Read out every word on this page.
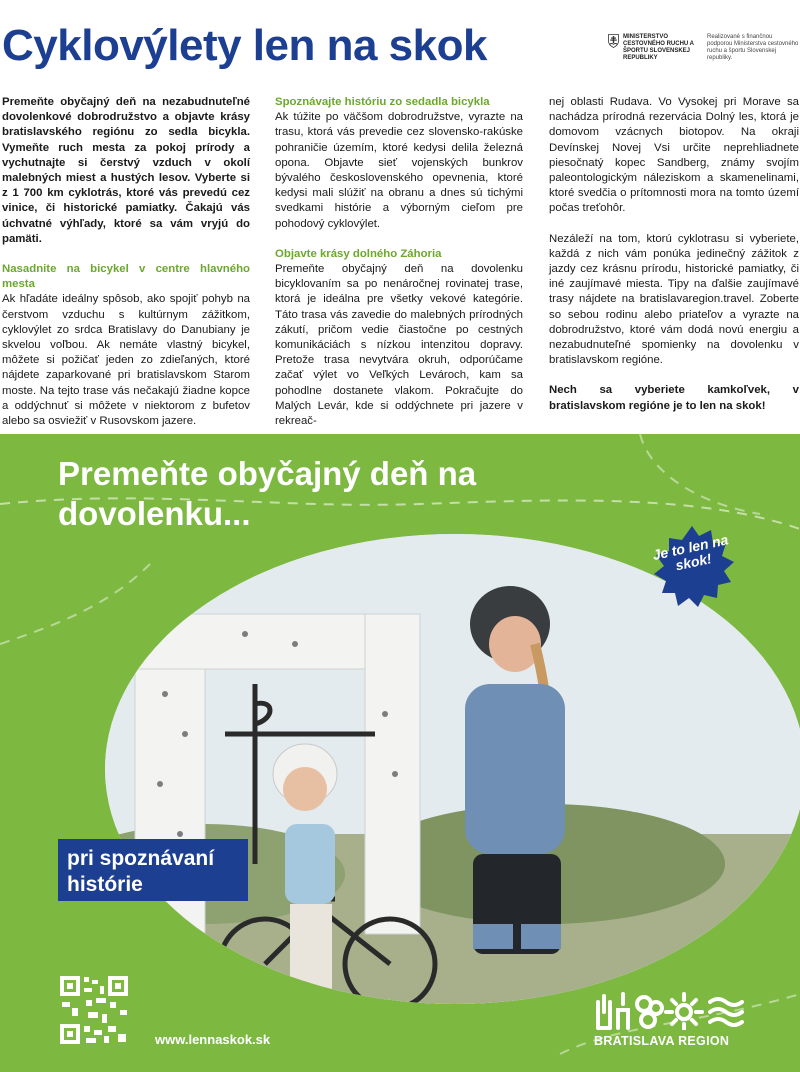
Cyklovýlety len na skok	MINISTERSTVO CESTOVNÉHO RUCHU A ŠPORTU SLOVENSKEJ REPUBLIKY
Realizované s finančnou podporou Ministerstva cestovného ruchu a športu Slovenskej republiky.

Premeňte obyčajný deň na nezabudnuteľné dovolenkové dobrodružstvo a objavte krásy bratislavského regiónu zo sedla bicykla. Vymeňte ruch mesta za pokoj prírody a vychutnajte si čerstvý vzduch v okolí malebných miest a hustých lesov. Vyberte si z 1 700 km cyklotrás, ktoré vás prevedú cez vinice, či historické pamiatky. Čakajú vás úchvatné výhľady, ktoré sa vám vryjú do pamäti.

Nasadnite na bicykel v centre hlavného mesta

Ak hľadáte ideálny spôsob, ako spojiť pohyb na čerstvom vzduchu s kultúrnym zážitkom, cyklovýlet zo srdca Bratislavy do Danubiany je skvelou voľbou. Ak nemáte vlastný bicykel, môžete si požičať jeden zo zdieľaných, ktoré nájdete zaparkované pri bratislavskom Starom moste. Na tejto trase vás nečakajú žiadne kopce a oddýchnuť si môžete v niektorom z bufetov alebo sa osviežiť v Rusovskom jazere.

Spoznávajte históriu zo sedadla bicykla

Ak túžite po väčšom dobrodružstve, vyrazte na trasu, ktorá vás prevedie cez slovensko-rakúske pohraničie územím, ktoré kedysi delila železná opona. Objavte sieť vojenských bunkrov bývalého československého opevnenia, ktoré kedysi mali slúžiť na obranu a dnes sú tichými svedkami histórie a výborným cieľom pre pohodový cyklovýlet.

Objavte krásy dolného Záhoria

Premeňte obyčajný deň na dovolenku bicyklovaním sa po nenáročnej rovinatej trase, ktorá je ideálna pre všetky vekové kategórie. Táto trasa vás zavedie do malebných prírodných zákutí, pričom vedie čiastočne po cestných komunikáciách s nízkou intenzitou dopravy. Pretože trasa nevytvára okruh, odporúčame začať výlet vo Veľkých Levároch, kam sa pohodlne dostanete vlakom. Pokračujte do Malých Levár, kde si oddýchnete pri jazere v rekreač-

nej oblasti Rudava. Vo Vysokej pri Morave sa nachádza prírodná rezervácia Dolný les, ktorá je domovom vzácnych biotopov. Na okraji Devínskej Novej Vsi určite neprehliadnete piesočnatý kopec Sandberg, známy svojím paleontologickým náleziskom a skamenelinami, ktoré svedčia o prítomnosti mora na tomto území počas treťohôr.

Nezáleží na tom, ktorú cyklotrasu si vyberiete, každá z nich vám ponúka jedinečný zážitok z jazdy cez krásnu prírodu, historické pamiatky, či iné zaujímavé miesta. Tipy na ďalšie zaujímavé trasy nájdete na bratislavaregion.travel. Zoberte so sebou rodinu alebo priateľov a vyrazte na dobrodružstvo, ktoré vám dodá novú energiu a nezabudnuteľné spomienky na dovolenku v bratislavskom regióne.

Nech sa vyberiete kamkoľvek, v bratislavskom regióne je to len na skok!

Premeňte obyčajný deň na dovolenku...
Je to len na skok!
pri spoznávaní histórie
www.lennaskok.sk	BRATISLAVA REGION
